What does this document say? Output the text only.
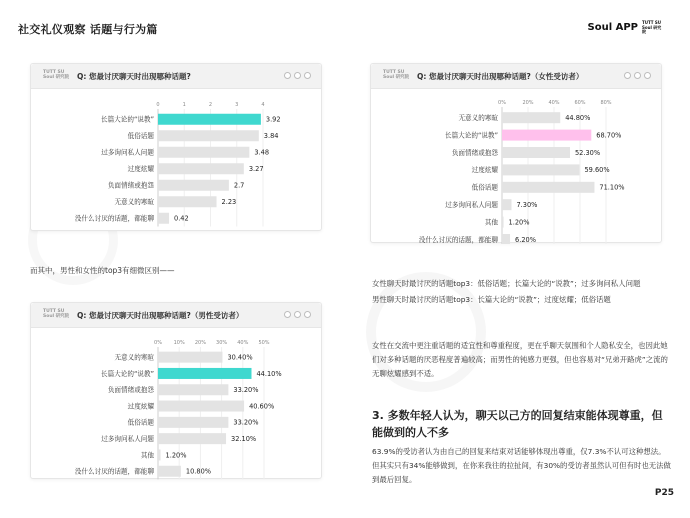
社交礼仪观察 话题与行为篇	Soul APP TUTT SU
Soul 研究院
TUTT SU
Soul 研究院 Q: 您最讨厌聊天时出现哪种话题?
0	1	2	3	4
长篇大论的“说教”	3.92
低俗话题	3.84
过多询问私人问题	3.48
过度炫耀	3.27
负面情绪或抱怨	2.7
无意义的寒暄	2.23
没什么讨厌的话题，都能聊	0.42
TUTT SU
Soul 研究院 Q: 您最讨厌聊天时出现哪种话题?（女性受访者）
0%	20%	40%	60%	80%
无意义的寒暄	44.80%
长篇大论的“说教”	68.70%
负面情绪或抱怨	52.30%
过度炫耀	59.60%
低俗话题	71.10%
过多询问私人问题	7.30%
其他 1.20%
没什么讨厌的话题，都能聊	6.20%
TUTT SU
Soul 研究院 Q: 您最讨厌聊天时出现哪种话题?（男性受访者）
0% 10% 20% 30% 40% 50%
无意义的寒暄	30.40%
长篇大论的“说教”	44.10%
负面情绪或抱怨	33.20%
过度炫耀	40.60%
低俗话题	33.20%
过多询问私人问题	32.10%
其他 1.20%
没什么讨厌的话题，都能聊	10.80%
而其中，男性和女性的top3有细微区别——
女性聊天时最讨厌的话题top3：低俗话题；长篇大论的“说教”；过多询问私人问题
男性聊天时最讨厌的话题top3：长篇大论的“说教”；过度炫耀；低俗话题
女性在交流中更注重话题的适宜性和尊重程度，更在乎聊天氛围和个人隐私安全，也因此她们对多种话题的厌恶程度普遍较高；而男性的钝感力更强，但也容易对“兄弟开路虎”之流的无聊炫耀感到不适。
3. 多数年轻人认为，聊天以己方的回复结束能体现尊重，但能做到的人不多
63.9%的受访者认为由自己的回复来结束对话能够体现出尊重，仅7.3%不认可这种想法。但其实只有34%能够做到，在你来我往的拉扯间，有30%的受访者虽然认可但有时也无法做到最后回复。
P25
